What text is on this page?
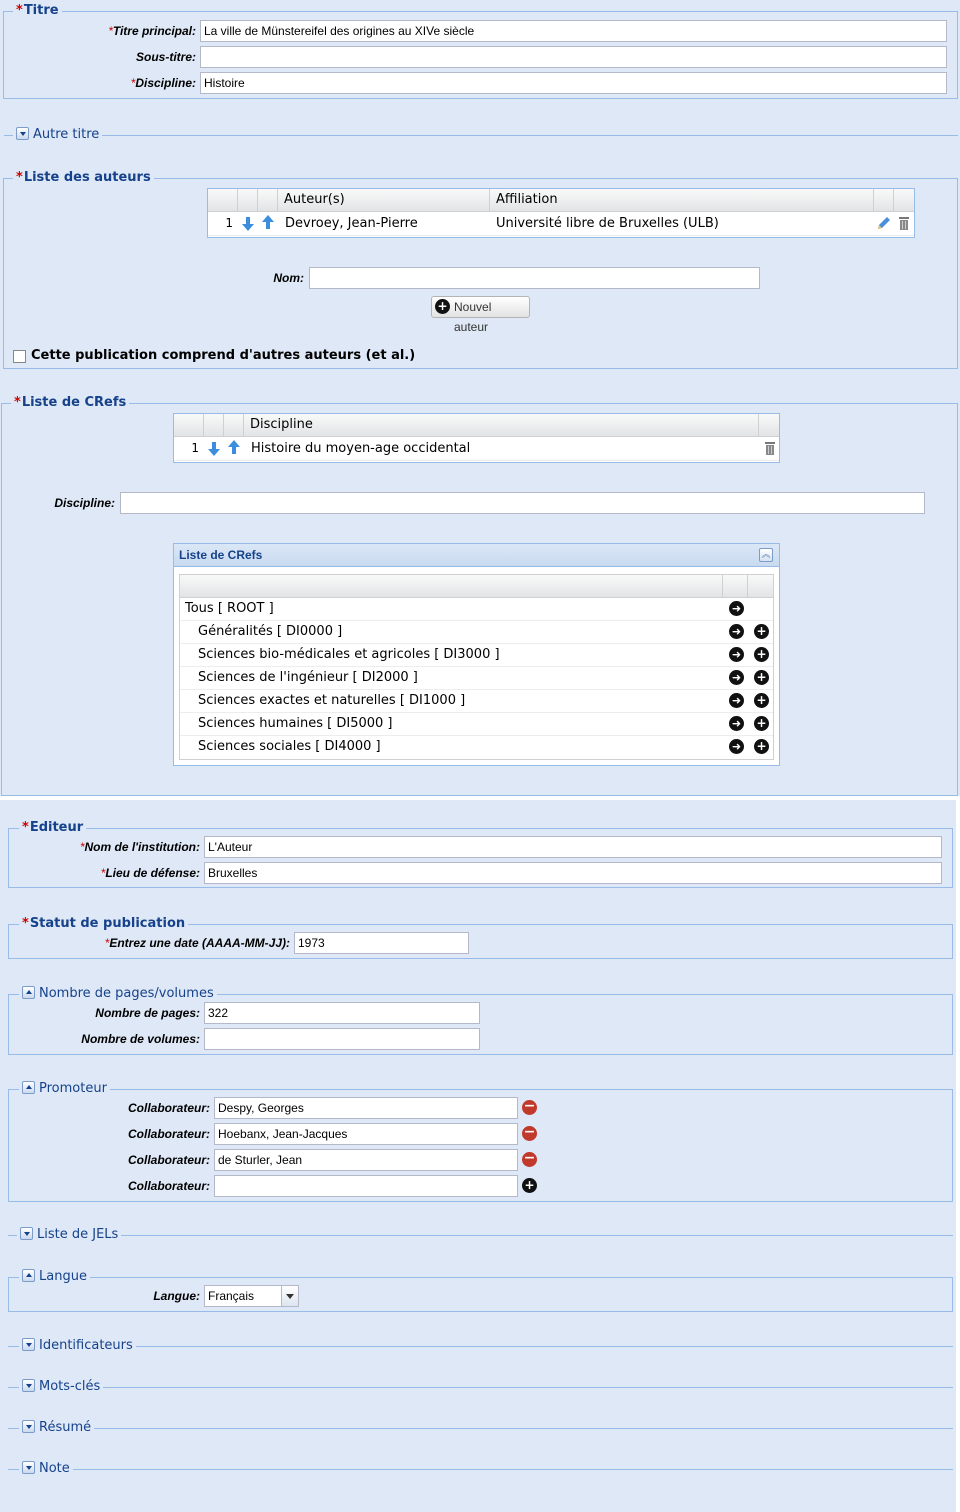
*Titre
*Titre principal: La ville de Münstereifel des origines au XIVe siècle
Sous-titre:
*Discipline: Histoire
Autre titre
*Liste des auteurs
Auteur(s)	Affiliation
1	Devroey, Jean-Pierre	Université libre de Bruxelles (ULB)
Nom:
+ Nouvel auteur
Cette publication comprend d'autres auteurs (et al.)
*Liste de CRefs
Discipline
1	Histoire du moyen-age occidental
Discipline:
Liste de CRefs	︽
Tous [ ROOT ]	➜
Généralités [ DI0000 ]	➜ +
Sciences bio-médicales et agricoles [ DI3000 ]	➜ +
Sciences de l'ingénieur [ DI2000 ]	➜ +
Sciences exactes et naturelles [ DI1000 ]	➜ +
Sciences humaines [ DI5000 ]	➜ +
Sciences sociales [ DI4000 ]	➜ +
*Editeur
*Nom de l'institution: L'Auteur
*Lieu de défense: Bruxelles
*Statut de publication
*Entrez une date (AAAA-MM-JJ): 1973
Nombre de pages/volumes
Nombre de pages: 322
Nombre de volumes:
Promoteur
Collaborateur: Despy, Georges	−
Collaborateur: Hoebanx, Jean-Jacques	−
Collaborateur: de Sturler, Jean	−
Collaborateur:	+
Liste de JELs
Langue
Langue: Français
Identificateurs
Mots-clés
Résumé
Note
